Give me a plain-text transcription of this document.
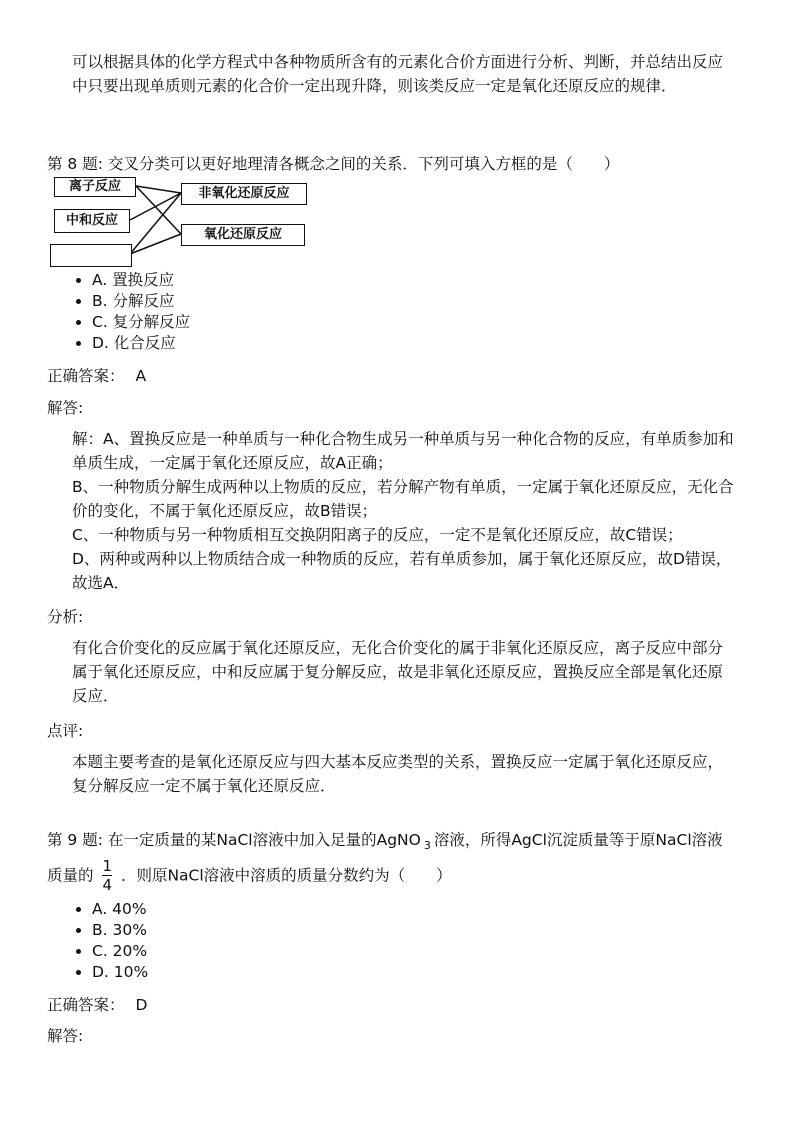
可以根据具体的化学方程式中各种物质所含有的元素化合价方面进行分析、判断，并总结出反应中只要出现单质则元素的化合价一定出现升降，则该类反应一定是氧化还原反应的规律．

第 8 题: 交叉分类可以更好地理清各概念之间的关系．下列可填入方框的是（　　）

离子反应
中和反应
非氧化还原反应
氧化还原反应
A. 置换反应
B. 分解反应
C. 复分解反应
D. 化合反应

正确答案： A

解答:

解：A、置换反应是一种单质与一种化合物生成另一种单质与另一种化合物的反应，有单质参加和单质生成，一定属于氧化还原反应，故A正确；

B、一种物质分解生成两种以上物质的反应，若分解产物有单质，一定属于氧化还原反应，无化合价的变化，不属于氧化还原反应，故B错误；

C、一种物质与另一种物质相互交换阴阳离子的反应，一定不是氧化还原反应，故C错误；

D、两种或两种以上物质结合成一种物质的反应，若有单质参加，属于氧化还原反应，故D错误，故选A．

分析:

有化合价变化的反应属于氧化还原反应，无化合价变化的属于非氧化还原反应，离子反应中部分属于氧化还原反应，中和反应属于复分解反应，故是非氧化还原反应，置换反应全部是氧化还原反应．

点评:

本题主要考查的是氧化还原反应与四大基本反应类型的关系，置换反应一定属于氧化还原反应，复分解反应一定不属于氧化还原反应．

第 9 题: 在一定质量的某NaCl溶液中加入足量的AgNO $_3$ 溶液，所得AgCl沉淀质量等于原NaCl溶液

质量的 $\frac{1}{4}$ ．则原NaCl溶液中溶质的质量分数约为（　　）
A. 40%
B. 30%
C. 20%
D. 10%

正确答案： D

解答:
